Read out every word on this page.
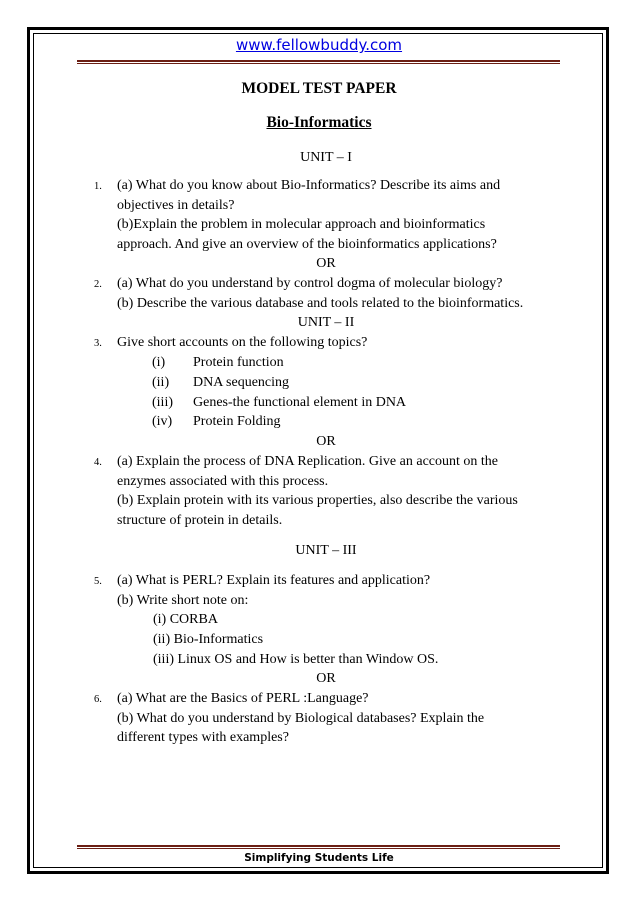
www.fellowbuddy.com
MODEL TEST PAPER
Bio-Informatics
UNIT – I
1. (a) What do you know about Bio-Informatics? Describe its aims and
objectives in details?
(b)Explain the problem in molecular approach and bioinformatics
approach. And give an overview of the bioinformatics applications?
OR
2. (a) What do you understand by control dogma of molecular biology?
(b) Describe the various database and tools related to the bioinformatics.
UNIT – II
3. Give short accounts on the following topics?
(i) Protein function
(ii) DNA sequencing
(iii) Genes-the functional element in DNA
(iv) Protein Folding
OR
4. (a) Explain the process of DNA Replication. Give an account on the
enzymes associated with this process.
(b) Explain protein with its various properties, also describe the various
structure of protein in details.
UNIT – III
5. (a) What is PERL? Explain its features and application?
(b) Write short note on:
(i) CORBA
(ii) Bio-Informatics
(iii) Linux OS and How is better than Window OS.
OR
6. (a) What are the Basics of PERL :Language?
(b) What do you understand by Biological databases? Explain the
different types with examples?
Simplifying Students Life
